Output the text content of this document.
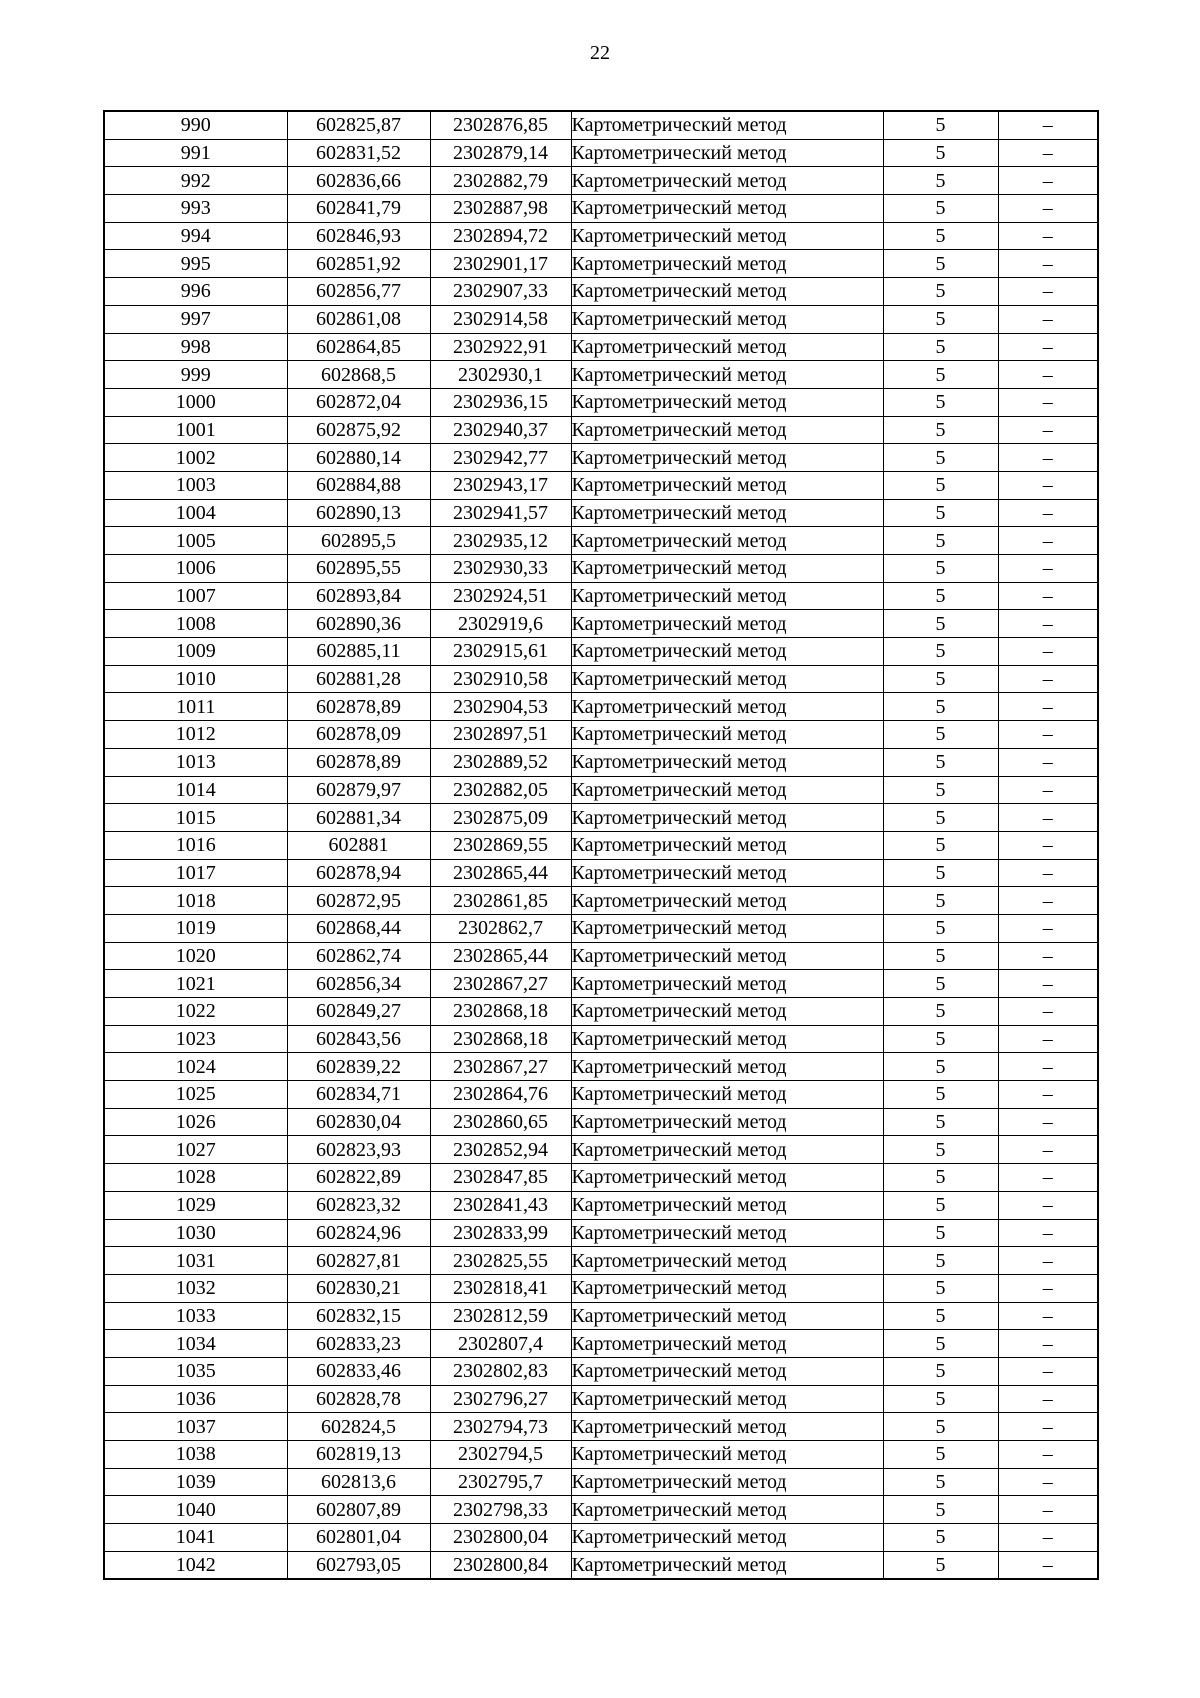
22
990	602825,87	2302876,85	Картометрический метод	5	–
991	602831,52	2302879,14	Картометрический метод	5	–
992	602836,66	2302882,79	Картометрический метод	5	–
993	602841,79	2302887,98	Картометрический метод	5	–
994	602846,93	2302894,72	Картометрический метод	5	–
995	602851,92	2302901,17	Картометрический метод	5	–
996	602856,77	2302907,33	Картометрический метод	5	–
997	602861,08	2302914,58	Картометрический метод	5	–
998	602864,85	2302922,91	Картометрический метод	5	–
999	602868,5	2302930,1	Картометрический метод	5	–
1000	602872,04	2302936,15	Картометрический метод	5	–
1001	602875,92	2302940,37	Картометрический метод	5	–
1002	602880,14	2302942,77	Картометрический метод	5	–
1003	602884,88	2302943,17	Картометрический метод	5	–
1004	602890,13	2302941,57	Картометрический метод	5	–
1005	602895,5	2302935,12	Картометрический метод	5	–
1006	602895,55	2302930,33	Картометрический метод	5	–
1007	602893,84	2302924,51	Картометрический метод	5	–
1008	602890,36	2302919,6	Картометрический метод	5	–
1009	602885,11	2302915,61	Картометрический метод	5	–
1010	602881,28	2302910,58	Картометрический метод	5	–
1011	602878,89	2302904,53	Картометрический метод	5	–
1012	602878,09	2302897,51	Картометрический метод	5	–
1013	602878,89	2302889,52	Картометрический метод	5	–
1014	602879,97	2302882,05	Картометрический метод	5	–
1015	602881,34	2302875,09	Картометрический метод	5	–
1016	602881	2302869,55	Картометрический метод	5	–
1017	602878,94	2302865,44	Картометрический метод	5	–
1018	602872,95	2302861,85	Картометрический метод	5	–
1019	602868,44	2302862,7	Картометрический метод	5	–
1020	602862,74	2302865,44	Картометрический метод	5	–
1021	602856,34	2302867,27	Картометрический метод	5	–
1022	602849,27	2302868,18	Картометрический метод	5	–
1023	602843,56	2302868,18	Картометрический метод	5	–
1024	602839,22	2302867,27	Картометрический метод	5	–
1025	602834,71	2302864,76	Картометрический метод	5	–
1026	602830,04	2302860,65	Картометрический метод	5	–
1027	602823,93	2302852,94	Картометрический метод	5	–
1028	602822,89	2302847,85	Картометрический метод	5	–
1029	602823,32	2302841,43	Картометрический метод	5	–
1030	602824,96	2302833,99	Картометрический метод	5	–
1031	602827,81	2302825,55	Картометрический метод	5	–
1032	602830,21	2302818,41	Картометрический метод	5	–
1033	602832,15	2302812,59	Картометрический метод	5	–
1034	602833,23	2302807,4	Картометрический метод	5	–
1035	602833,46	2302802,83	Картометрический метод	5	–
1036	602828,78	2302796,27	Картометрический метод	5	–
1037	602824,5	2302794,73	Картометрический метод	5	–
1038	602819,13	2302794,5	Картометрический метод	5	–
1039	602813,6	2302795,7	Картометрический метод	5	–
1040	602807,89	2302798,33	Картометрический метод	5	–
1041	602801,04	2302800,04	Картометрический метод	5	–
1042	602793,05	2302800,84	Картометрический метод	5	–
